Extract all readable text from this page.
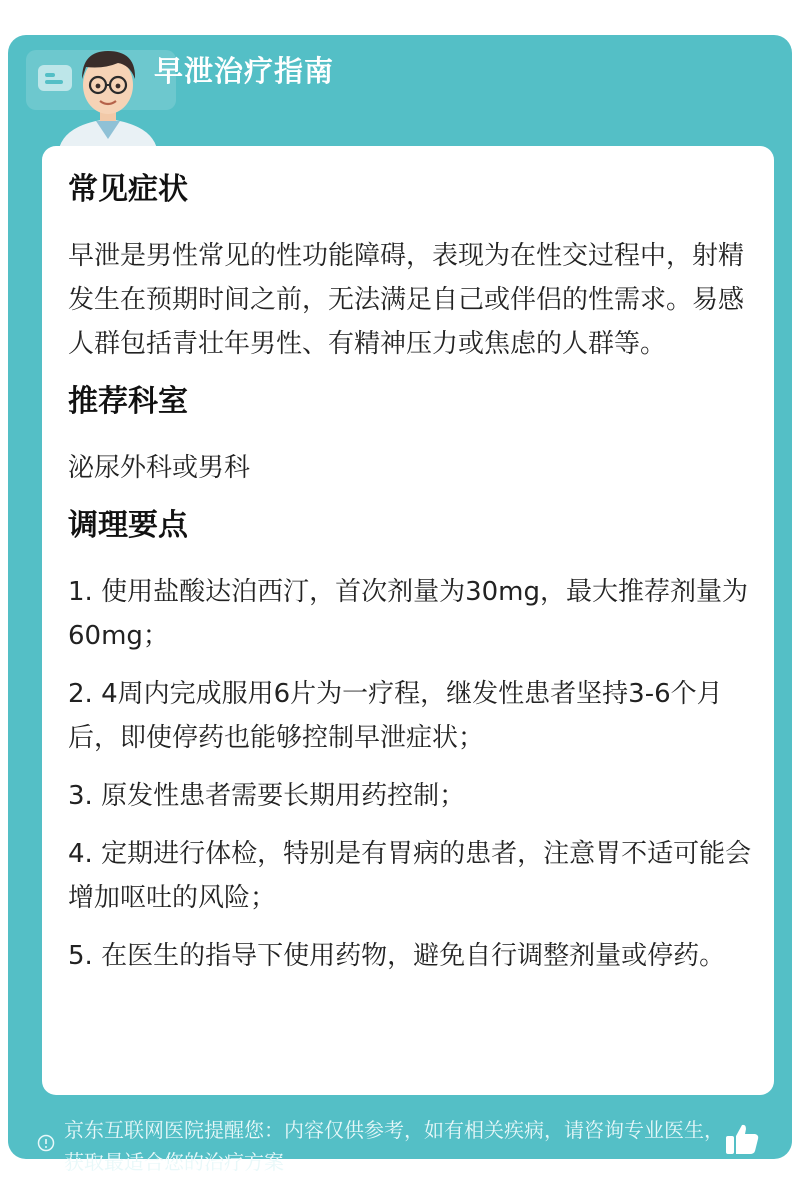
早泄治疗指南
常见症状
早泄是男性常见的性功能障碍，表现为在性交过程中，射精发生在预期时间之前，无法满足自己或伴侣的性需求。易感人群包括青壮年男性、有精神压力或焦虑的人群等。
推荐科室
泌尿外科或男科
调理要点
1. 使用盐酸达泊西汀，首次剂量为30mg，最大推荐剂量为60mg；
2. 4周内完成服用6片为一疗程，继发性患者坚持3-6个月后，即使停药也能够控制早泄症状；
3. 原发性患者需要长期用药控制；
4. 定期进行体检，特别是有胃病的患者，注意胃不适可能会增加呕吐的风险；
5. 在医生的指导下使用药物，避免自行调整剂量或停药。
京东互联网医院提醒您：内容仅供参考，如有相关疾病，请咨询专业医生，获取最适合您的治疗方案
